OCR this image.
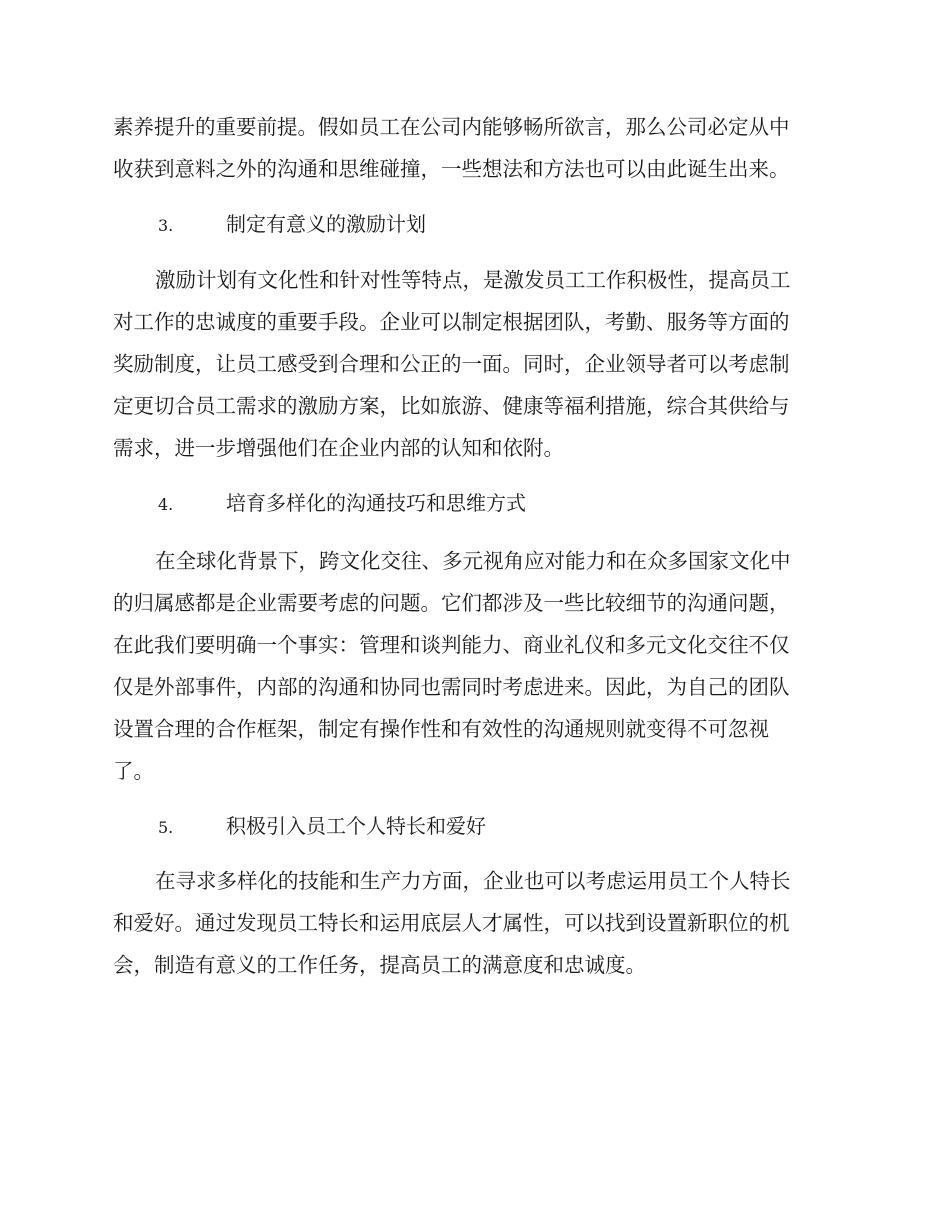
素养提升的重要前提。假如员工在公司内能够畅所欲言，那么公司必定从中
收获到意料之外的沟通和思维碰撞，一些想法和方法也可以由此诞生出来。

3.	制定有意义的激励计划

激励计划有文化性和针对性等特点，是激发员工工作积极性，提高员工
对工作的忠诚度的重要手段。企业可以制定根据团队，考勤、服务等方面的
奖励制度，让员工感受到合理和公正的一面。同时，企业领导者可以考虑制
定更切合员工需求的激励方案，比如旅游、健康等福利措施，综合其供给与
需求，进一步增强他们在企业内部的认知和依附。

4.	培育多样化的沟通技巧和思维方式

在全球化背景下，跨文化交往、多元视角应对能力和在众多国家文化中
的归属感都是企业需要考虑的问题。它们都涉及一些比较细节的沟通问题，
在此我们要明确一个事实：管理和谈判能力、商业礼仪和多元文化交往不仅
仅是外部事件，内部的沟通和协同也需同时考虑进来。因此，为自己的团队
设置合理的合作框架，制定有操作性和有效性的沟通规则就变得不可忽视
了。

5.	积极引入员工个人特长和爱好

在寻求多样化的技能和生产力方面，企业也可以考虑运用员工个人特长
和爱好。通过发现员工特长和运用底层人才属性，可以找到设置新职位的机
会，制造有意义的工作任务，提高员工的满意度和忠诚度。
